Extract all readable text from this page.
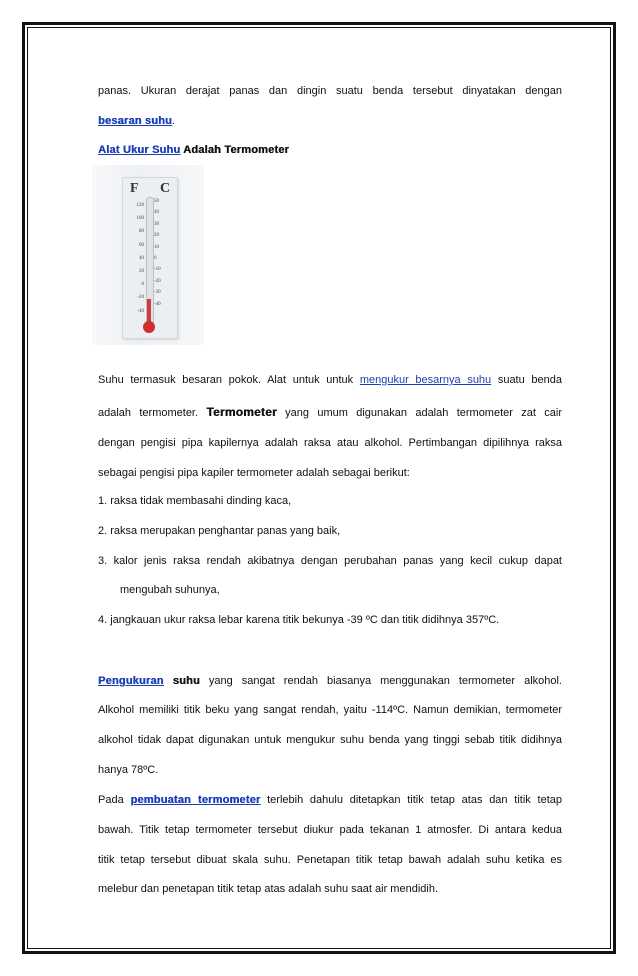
panas. Ukuran derajat panas dan dingin suatu benda tersebut dinyatakan dengan
besaran suhu.
Alat Ukur Suhu Adalah Termometer
F C
120
100
80
60
40
20
0
-20
-40
50
40
30
20
10
0
-10
-20
-30
-40
Suhu termasuk besaran pokok. Alat untuk untuk mengukur besarnya suhu suatu benda
adalah termometer. Termometer yang umum digunakan adalah termometer zat cair
dengan pengisi pipa kapilernya adalah raksa atau alkohol. Pertimbangan dipilihnya raksa
sebagai pengisi pipa kapiler termometer adalah sebagai berikut:
1. raksa tidak membasahi dinding kaca,
2. raksa merupakan penghantar panas yang baik,
3. kalor jenis raksa rendah akibatnya dengan perubahan panas yang kecil cukup dapat
mengubah suhunya,
4. jangkauan ukur raksa lebar karena titik bekunya -39 ºC dan titik didihnya 357ºC.
Pengukuran suhu yang sangat rendah biasanya menggunakan termometer alkohol.
Alkohol memiliki titik beku yang sangat rendah, yaitu -114ºC. Namun demikian, termometer
alkohol tidak dapat digunakan untuk mengukur suhu benda yang tinggi sebab titik didihnya
hanya 78ºC.
Pada pembuatan termometer terlebih dahulu ditetapkan titik tetap atas dan titik tetap
bawah. Titik tetap termometer tersebut diukur pada tekanan 1 atmosfer. Di antara kedua
titik tetap tersebut dibuat skala suhu. Penetapan titik tetap bawah adalah suhu ketika es
melebur dan penetapan titik tetap atas adalah suhu saat air mendidih.
